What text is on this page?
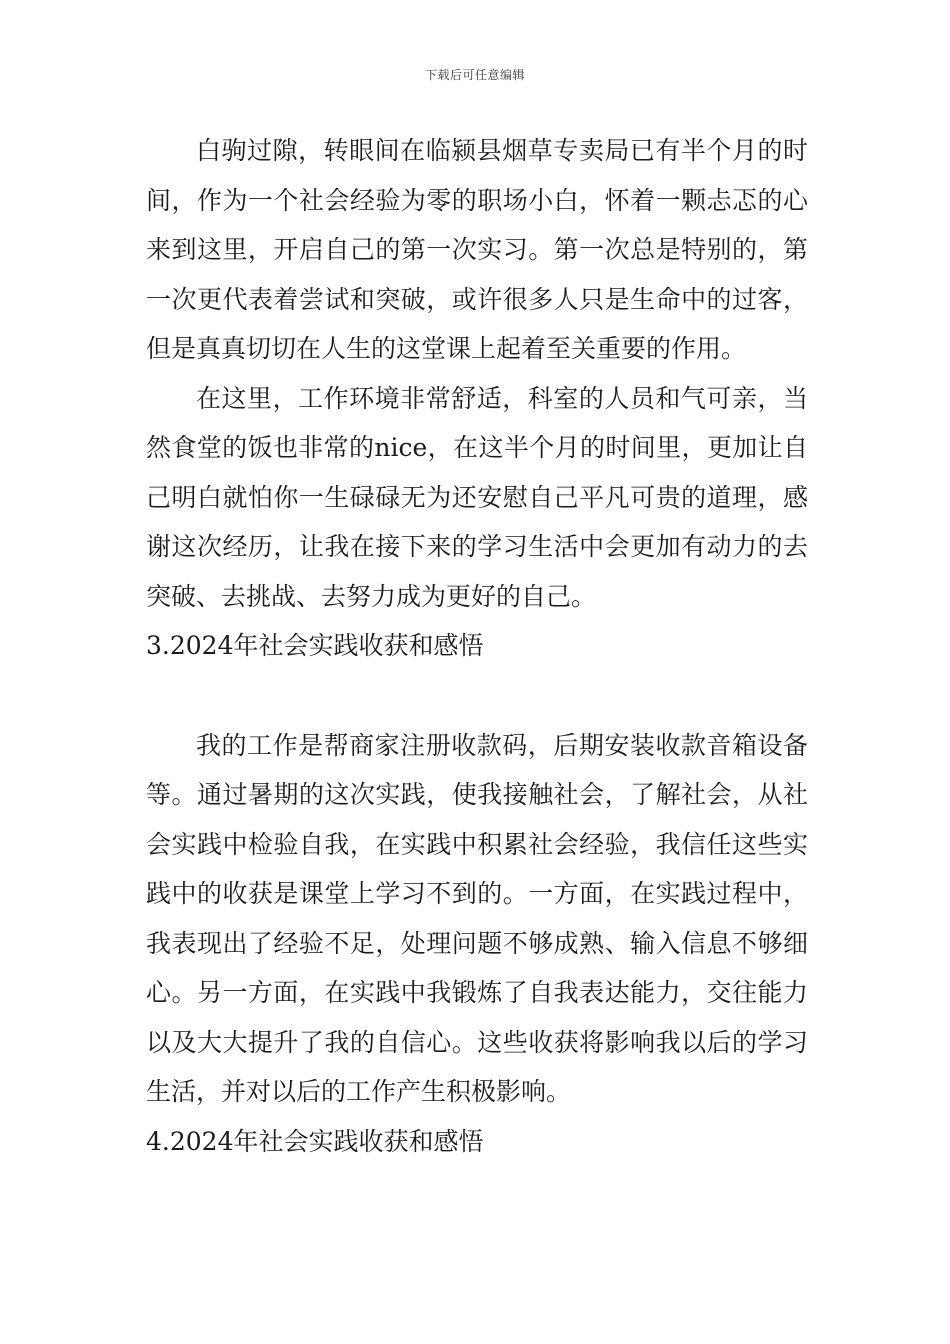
下载后可任意编辑

白驹过隙，转眼间在临颍县烟草专卖局已有半个月的时间，作为一个社会经验为零的职场小白，怀着一颗忐忑的心来到这里，开启自己的第一次实习。第一次总是特别的，第一次更代表着尝试和突破，或许很多人只是生命中的过客，但是真真切切在人生的这堂课上起着至关重要的作用。

在这里，工作环境非常舒适，科室的人员和气可亲，当然食堂的饭也非常的nice，在这半个月的时间里，更加让自己明白就怕你一生碌碌无为还安慰自己平凡可贵的道理，感谢这次经历，让我在接下来的学习生活中会更加有动力的去突破、去挑战、去努力成为更好的自己。

3.2024年社会实践收获和感悟

我的工作是帮商家注册收款码，后期安装收款音箱设备等。通过暑期的这次实践，使我接触社会，了解社会，从社会实践中检验自我，在实践中积累社会经验，我信任这些实践中的收获是课堂上学习不到的。一方面，在实践过程中，我表现出了经验不足，处理问题不够成熟、输入信息不够细心。另一方面，在实践中我锻炼了自我表达能力，交往能力以及大大提升了我的自信心。这些收获将影响我以后的学习生活，并对以后的工作产生积极影响。

4.2024年社会实践收获和感悟
